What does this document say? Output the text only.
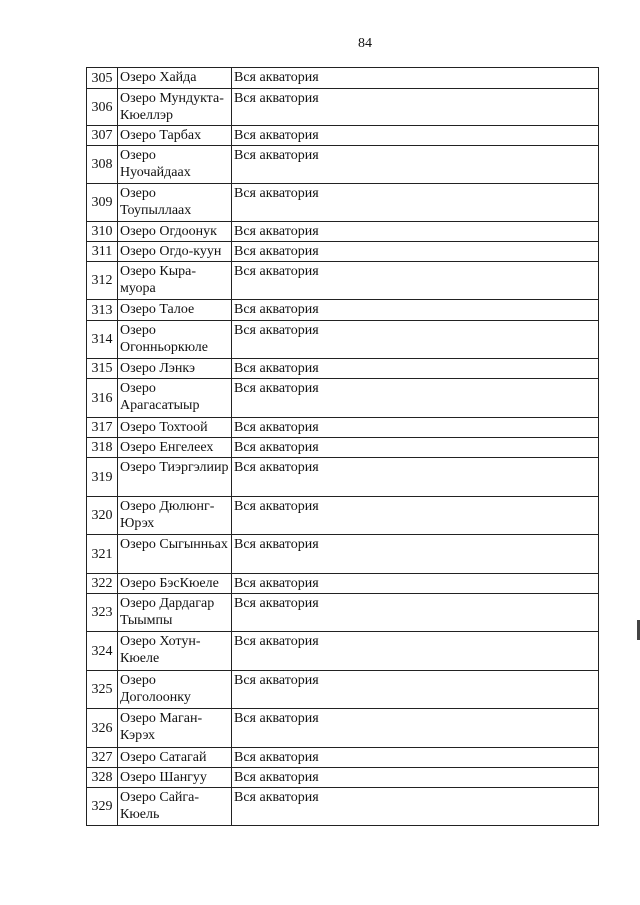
84
305	Озеро Хайда	Вся акватория
306	Озеро Мундукта-Кюеллэр	Вся акватория
307	Озеро Тарбах	Вся акватория
308	Озеро Нуочайдаах	Вся акватория
309	Озеро Тоупыллаах	Вся акватория
310	Озеро Огдоонук	Вся акватория
311	Озеро Огдо-куун	Вся акватория
312	Озеро Кыра-муора	Вся акватория
313	Озеро Талое	Вся акватория
314	Озеро Огонньоркюле	Вся акватория
315	Озеро Лэнкэ	Вся акватория
316	Озеро Арагасатыыр	Вся акватория
317	Озеро Тохтоой	Вся акватория
318	Озеро Енгелеех	Вся акватория
319	Озеро Тиэргэлиир	Вся акватория
320	Озеро Дюлюнг-Юрэх	Вся акватория
321	Озеро Сыгынньах	Вся акватория
322	Озеро БэсКюеле	Вся акватория
323	Озеро Дардагар Тыымпы	Вся акватория
324	Озеро Хотун-Кюеле	Вся акватория
325	Озеро Доголоонку	Вся акватория
326	Озеро Маган-Кэрэх	Вся акватория
327	Озеро Сатагай	Вся акватория
328	Озеро Шангуу	Вся акватория
329	Озеро Сайга-Кюель	Вся акватория
